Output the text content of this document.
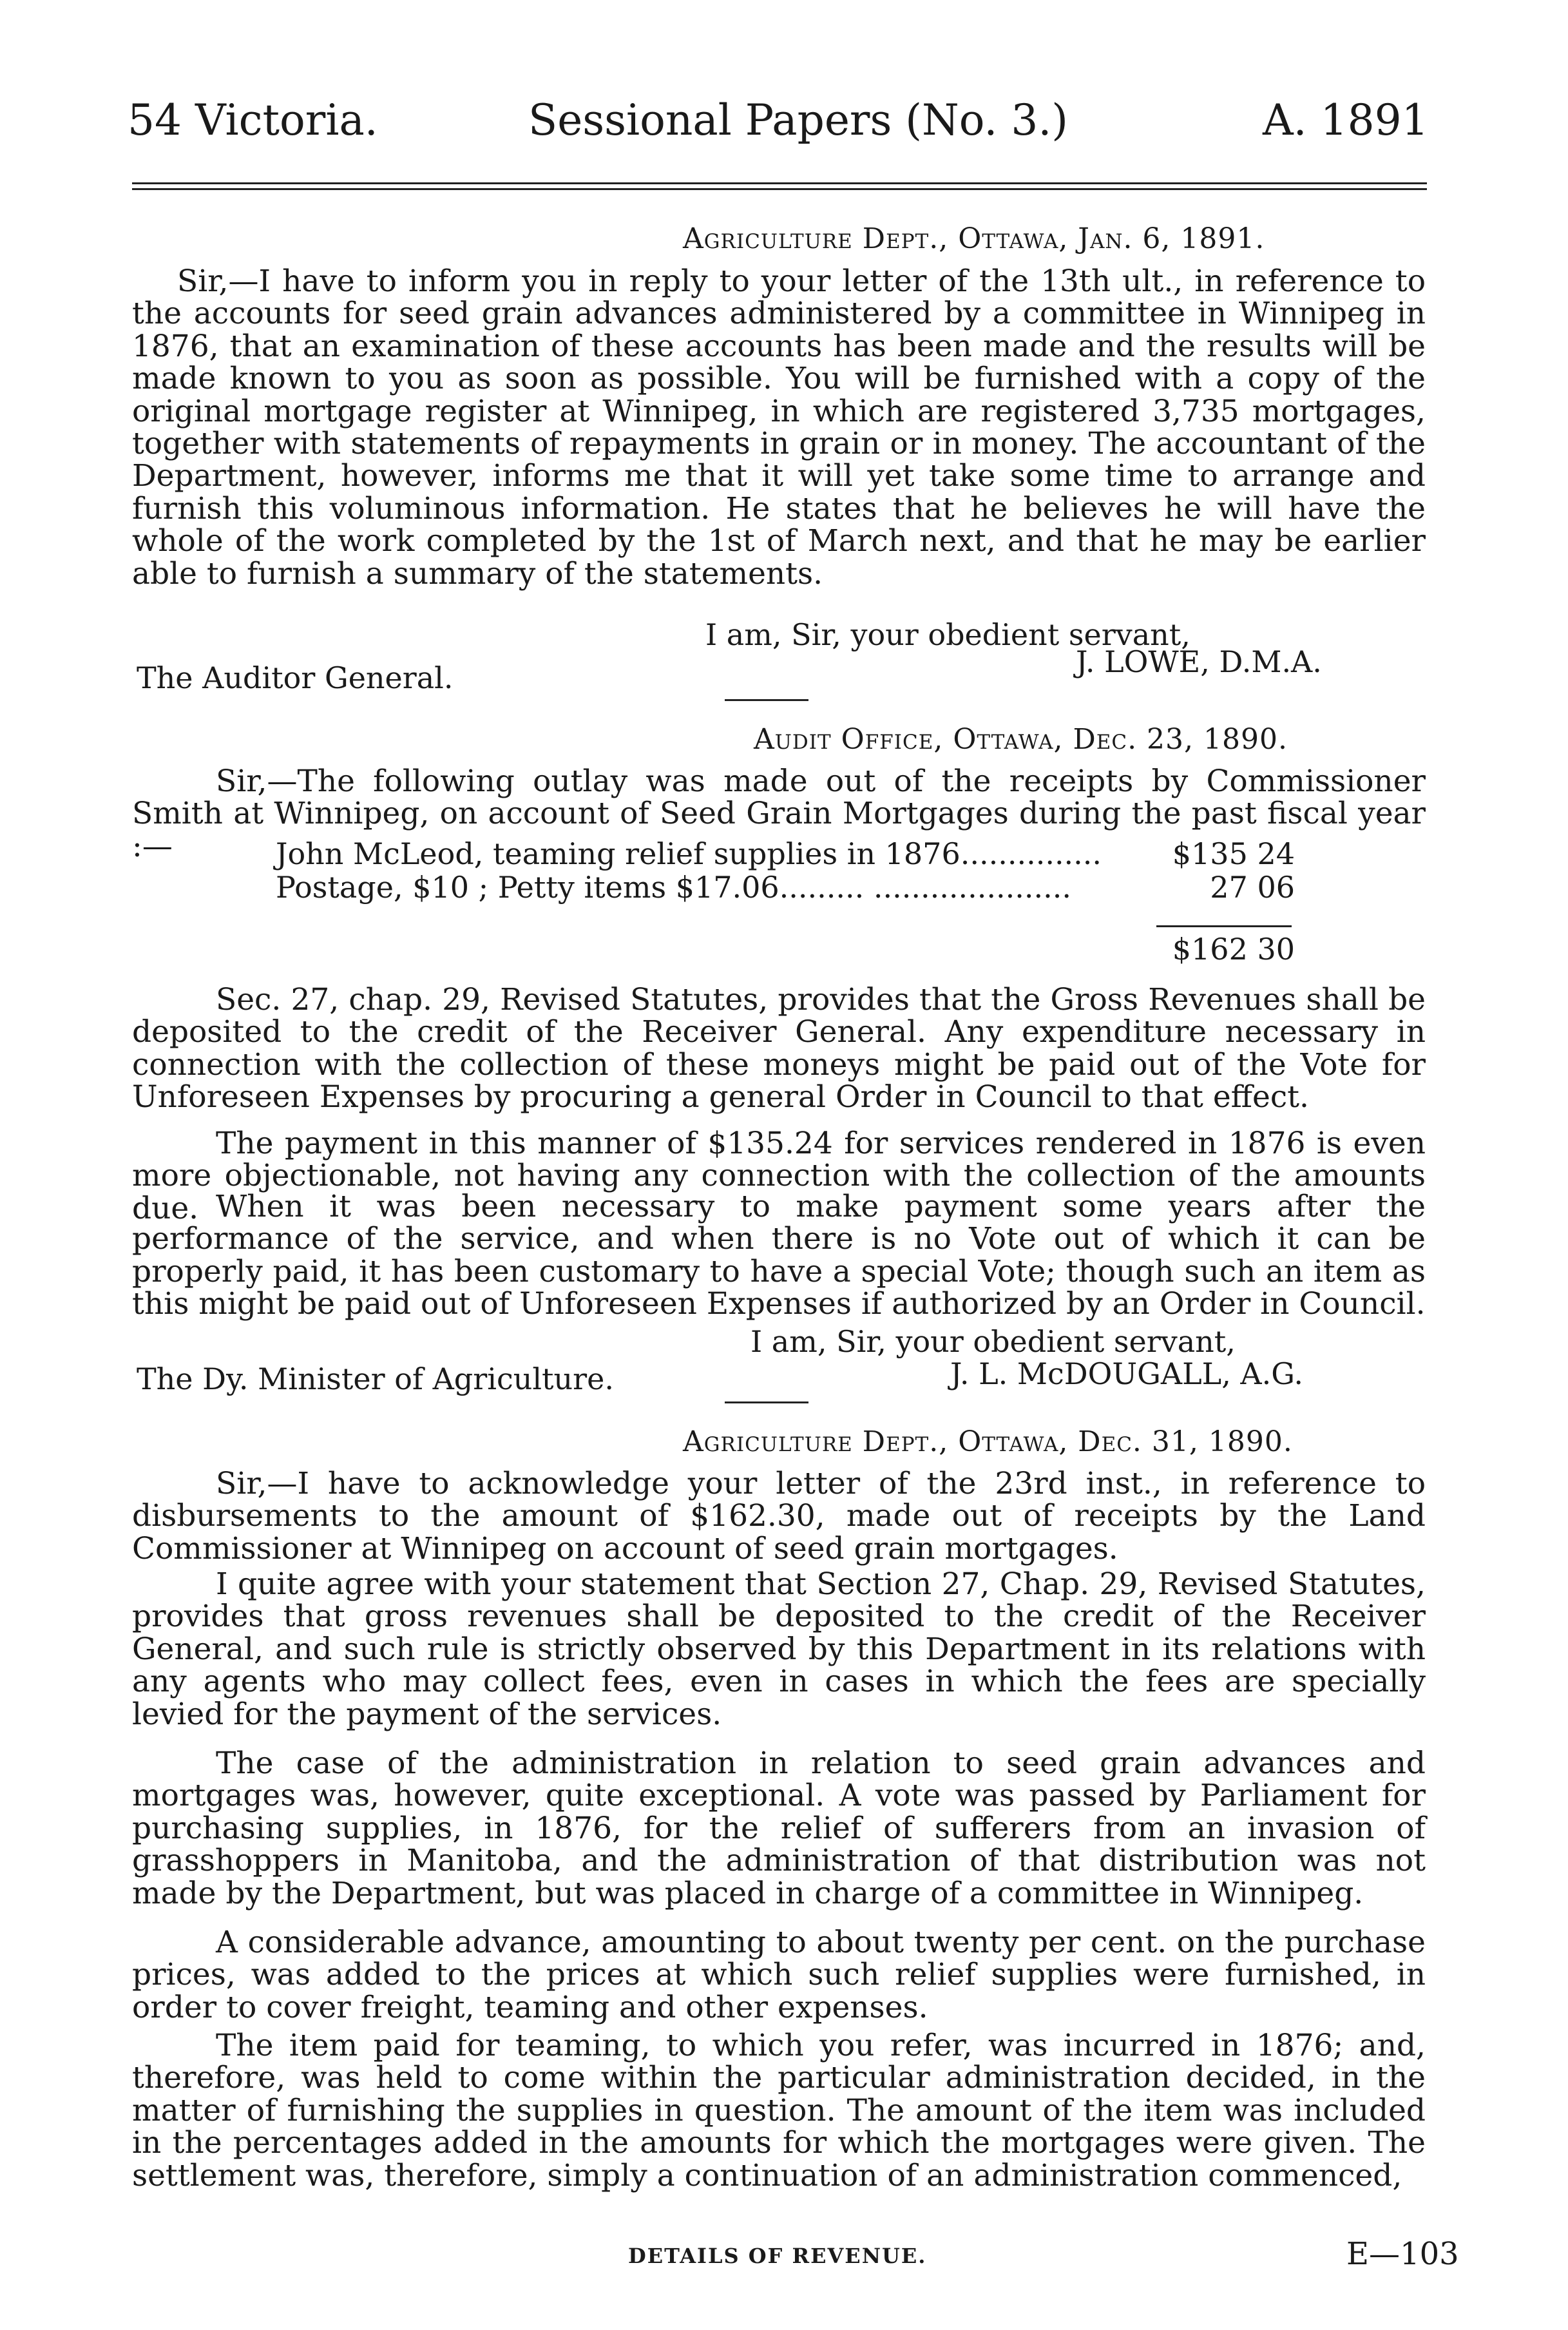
54 Victoria.	Sessional Papers (No. 3.)	A. 1891
Agriculture Dept., Ottawa, Jan. 6, 1891.
Sir,—I have to inform you in reply to your letter of the 13th ult., in reference to the accounts for seed grain advances administered by a committee in Winnipeg in 1876, that an examination of these accounts has been made and the results will be made known to you as soon as possible. You will be furnished with a copy of the original mortgage register at Winnipeg, in which are registered 3,735 mortgages, together with statements of repayments in grain or in money. The accountant of the Department, however, informs me that it will yet take some time to arrange and furnish this voluminous information. He states that he believes he will have the whole of the work completed by the 1st of March next, and that he may be earlier able to furnish a summary of the statements.
I am, Sir, your obedient servant,
The Auditor General.	J. LOWE, D.M.A.
Audit Office, Ottawa, Dec. 23, 1890.
Sir,—The following outlay was made out of the receipts by Commissioner Smith at Winnipeg, on account of Seed Grain Mortgages during the past fiscal year :—	John McLeod, teaming relief supplies in 1876...............	$135 24
Postage, $10 ; Petty items $17.06......... .....................	27 06
$162 30
Sec. 27, chap. 29, Revised Statutes, provides that the Gross Revenues shall be deposited to the credit of the Receiver General. Any expenditure necessary in connection with the collection of these moneys might be paid out of the Vote for Unforeseen Expenses by procuring a general Order in Council to that effect.
The payment in this manner of $135.24 for services rendered in 1876 is even more objectionable, not having any connection with the collection of the amounts due. When it was been necessary to make payment some years after the performance of the service, and when there is no Vote out of which it can be properly paid, it has been customary to have a special Vote; though such an item as this might be paid out of Unforeseen Expenses if authorized by an Order in Council.
I am, Sir, your obedient servant,
The Dy. Minister of Agriculture.	J. L. McDOUGALL, A.G.
Agriculture Dept., Ottawa, Dec. 31, 1890.
Sir,—I have to acknowledge your letter of the 23rd inst., in reference to disbursements to the amount of $162.30, made out of receipts by the Land Commissioner at Winnipeg on account of seed grain mortgages.
I quite agree with your statement that Section 27, Chap. 29, Revised Statutes, provides that gross revenues shall be deposited to the credit of the Receiver General, and such rule is strictly observed by this Department in its relations with any agents who may collect fees, even in cases in which the fees are specially levied for the payment of the services.
The case of the administration in relation to seed grain advances and mortgages was, however, quite exceptional. A vote was passed by Parliament for purchasing supplies, in 1876, for the relief of sufferers from an invasion of grasshoppers in Manitoba, and the administration of that distribution was not made by the Department, but was placed in charge of a committee in Winnipeg.
A considerable advance, amounting to about twenty per cent. on the purchase prices, was added to the prices at which such relief supplies were furnished, in order to cover freight, teaming and other expenses.
The item paid for teaming, to which you refer, was incurred in 1876; and, therefore, was held to come within the particular administration decided, in the matter of furnishing the supplies in question. The amount of the item was included in the percentages added in the amounts for which the mortgages were given. The settlement was, therefore, simply a continuation of an administration commenced,
DETAILS OF REVENUE.	E—103
